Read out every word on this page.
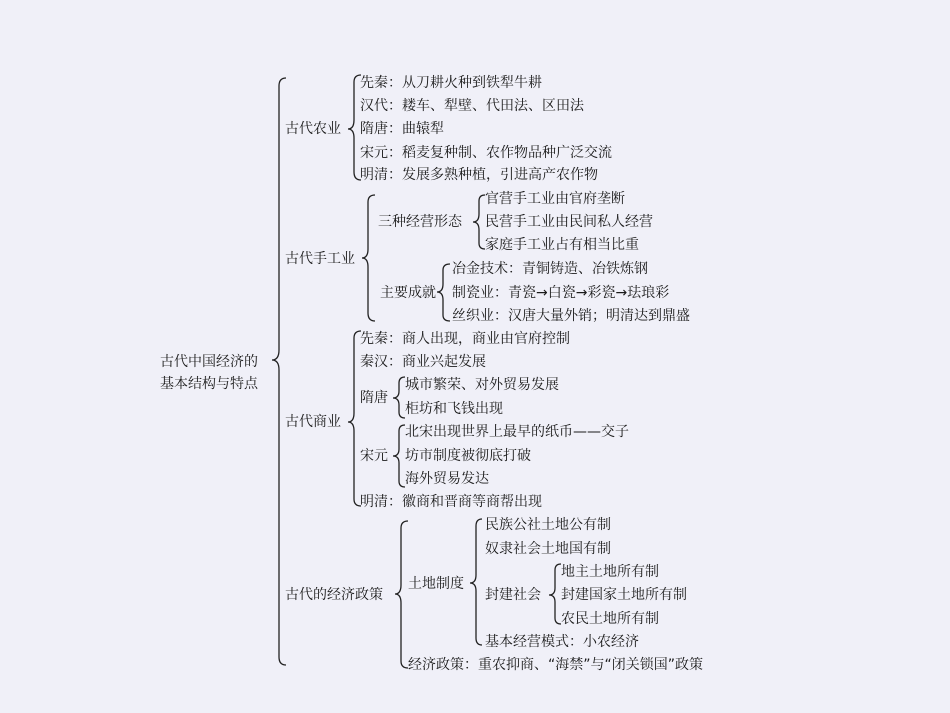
古代中国经济的
基本结构与特点
古代农业
先秦：从刀耕火种到铁犁牛耕
汉代：耧车、犁壁、代田法、区田法
隋唐：曲辕犁
宋元：稻麦复种制、农作物品种广泛交流
明清：发展多熟种植，引进高产农作物
古代手工业
三种经营形态
官营手工业由官府垄断
民营手工业由民间私人经营
家庭手工业占有相当比重
主要成就
冶金技术：青铜铸造、冶铁炼钢
制瓷业：青瓷→白瓷→彩瓷→珐琅彩
丝织业：汉唐大量外销；明清达到鼎盛
古代商业
先秦：商人出现，商业由官府控制
秦汉：商业兴起发展
隋唐
城市繁荣、对外贸易发展
柜坊和飞钱出现
宋元
北宋出现世界上最早的纸币——交子
坊市制度被彻底打破
海外贸易发达
明清：徽商和晋商等商帮出现
古代的经济政策
土地制度
民族公社土地公有制
奴隶社会土地国有制
封建社会
地主土地所有制
封建国家土地所有制
农民土地所有制
基本经营模式：小农经济
经济政策：重农抑商、“海禁”与“闭关锁国”政策
